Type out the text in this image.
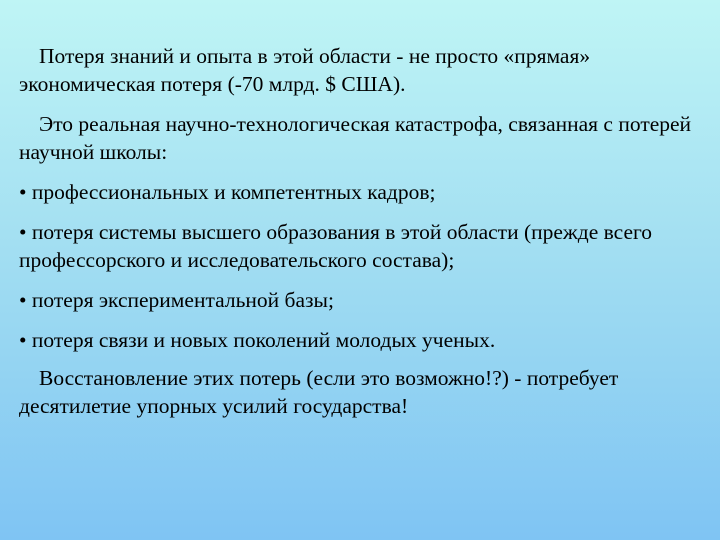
Потеря знаний и опыта в этой области - не просто «прямая» экономическая потеря (-70 млрд. $ США).

Это реальная научно-технологическая катастрофа, связанная с потерей научной школы:

• профессиональных и компетентных кадров;

• потеря системы высшего образования в этой области (прежде всего профессорского и исследовательского состава);

• потеря экспериментальной базы;

• потеря связи и новых поколений молодых ученых.

Восстановление этих потерь (если это возможно!?) - потребует десятилетие упорных усилий государства!
